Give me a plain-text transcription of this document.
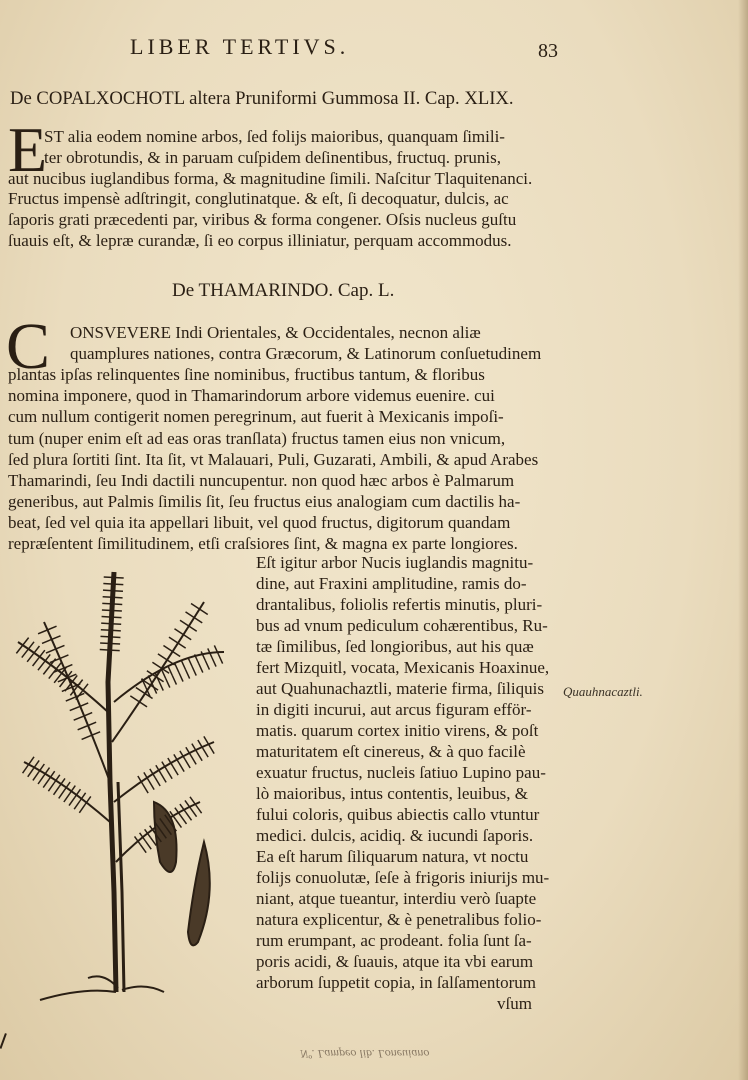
LIBER TERTIVS.	83
De COPALXOCHOTL altera Pruniformi Gummosa II. Cap. XLIX.
E
ST alia eodem nomine arbos, ſed folijs maioribus, quanquam ſimili-
ter obrotundis, & in paruam cuſpidem deſinentibus, fructuq. prunis,
aut nucibus iuglandibus forma, & magnitudine ſimili. Naſcitur Tlaquitenanci.
Fructus impensè adſtringit, conglutinatque. & eſt, ſi decoquatur, dulcis, ac
ſaporis grati præcedenti par, viribus & forma congener. Oſsis nucleus guſtu
ſuauis eſt, & lepræ curandæ, ſi eo corpus illiniatur, perquam accommodus.
De THAMARINDO. Cap. L.
C ONSVEVERE Indi Orientales, & Occidentales, necnon aliæ
quamplures nationes, contra Græcorum, & Latinorum conſuetudinem
plantas ipſas relinquentes ſine nominibus, fructibus tantum, & floribus
nomina imponere, quod in Thamarindorum arbore videmus euenire. cui
cum nullum contigerit nomen peregrinum, aut fuerit à Mexicanis impoſi-
tum (nuper enim eſt ad eas oras tranſlata) fructus tamen eius non vnicum,
ſed plura ſortiti ſint. Ita ſit, vt Malauari, Puli, Guzarati, Ambili, & apud Arabes
Thamarindi, ſeu Indi dactili nuncupentur. non quod hæc arbos è Palmarum
generibus, aut Palmis ſimilis ſit, ſeu fructus eius analogiam cum dactilis ha-
beat, ſed vel quia ita appellari libuit, vel quod fructus, digitorum quandam
repræſentent ſimilitudinem, etſi craſsiores ſint, & magna ex parte longiores.
Eſt igitur arbor Nucis iuglandis magnitu-
dine, aut Fraxini amplitudine, ramis do-
drantalibus, foliolis refertis minutis, pluri-
bus ad vnum pediculum cohærentibus, Ru-
tæ ſimilibus, ſed longioribus, aut his quæ
fert Mizquitl, vocata, Mexicanis Hoaxinue,
aut Quahunachaztli, materie firma, ſiliquis
in digiti incurui, aut arcus figuram efför-
matis. quarum cortex initio virens, & poſt
maturitatem eſt cinereus, & à quo facilè
exuatur fructus, nucleis ſatiuo Lupino pau-
lò maioribus, intus contentis, leuibus, &
fului coloris, quibus abiectis callo vtuntur
medici. dulcis, acidiq. & iucundi ſaporis.
Ea eſt harum ſiliquarum natura, vt noctu
folijs conuolutæ, ſeſe à frigoris iniurijs mu-
niant, atque tueantur, interdiu verò ſuapte
natura explicentur, & è penetralibus folio-
rum erumpant, ac prodeant. folia ſunt ſa-
poris acidi, & ſuauis, atque ita vbi earum
arborum ſuppetit copia, in ſalſamentorum
vſum
Quauhnacaztli.
Nº. Lampeo lib. Loneuiano
